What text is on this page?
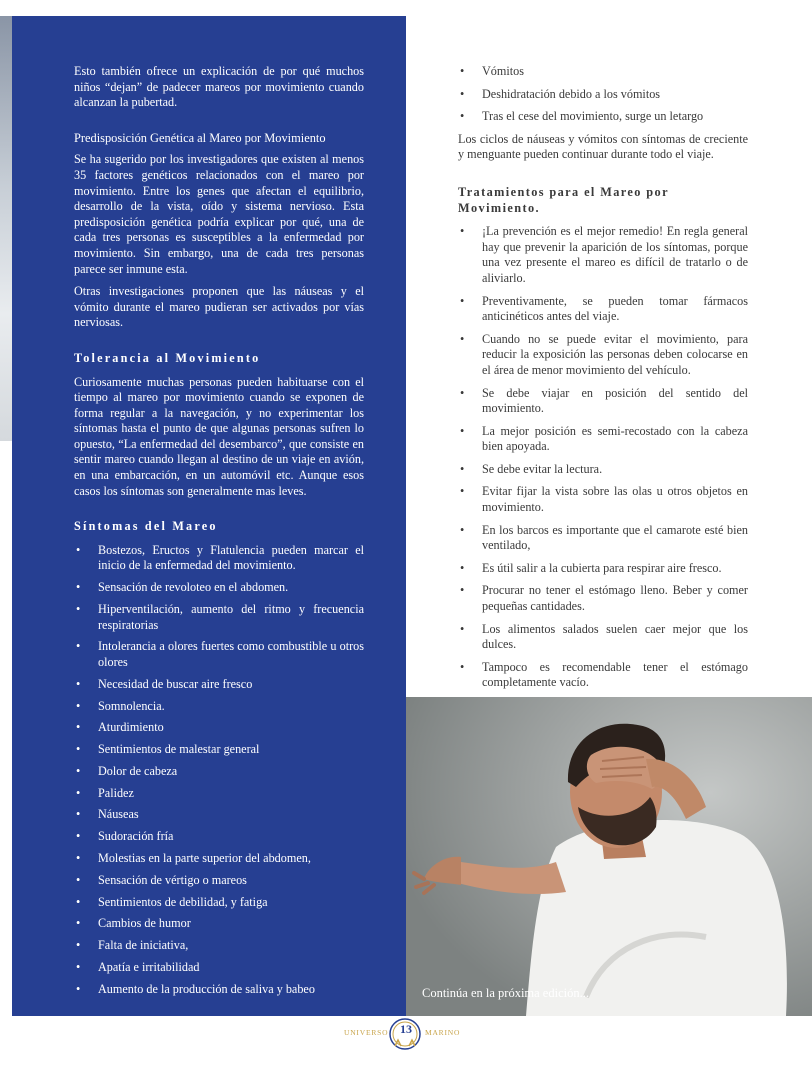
Esto también ofrece un explicación de por qué muchos niños “dejan” de padecer mareos por movimiento cuando alcanzan la pubertad.

Predisposición Genética al Mareo por Movimiento

Se ha sugerido por los investigadores que existen al menos 35 factores genéticos relacionados con el mareo por movimiento. Entre los genes que afectan el equilibrio, desarrollo de la vista, oído y sistema nervioso. Esta predisposición genética podría explicar por qué, una de cada tres personas es susceptibles a la enfermedad por movimiento. Sin embargo, una de cada tres personas parece ser inmune esta.

Otras investigaciones proponen que las náuseas y el vómito durante el mareo pudieran ser activados por vías nerviosas.

Tolerancia al Movimiento

Curiosamente muchas personas pueden habituarse con el tiempo al mareo por movimiento cuando se exponen de forma regular a la navegación, y no experimentar los síntomas hasta el punto de que algunas personas sufren lo opuesto, “La enfermedad del desembarco”, que consiste en sentir mareo cuando llegan al destino de un viaje en avión, en una embarcación, en un automóvil etc. Aunque esos casos los síntomas son generalmente mas leves.

Síntomas del Mareo
• Bostezos, Eructos y Flatulencia pueden marcar el inicio de la enfermedad del movimiento.
• Sensación de revoloteo en el abdomen.
• Hiperventilación, aumento del ritmo y frecuencia respiratorias
• Intolerancia a olores fuertes como combustible u otros olores
• Necesidad de buscar aire fresco
• Somnolencia.
• Aturdimiento
• Sentimientos de malestar general
• Dolor de cabeza
• Palidez
• Náuseas
• Sudoración fría
• Molestias en la parte superior del abdomen,
• Sensación de vértigo o mareos
• Sentimientos de debilidad, y fatiga
• Cambios de humor
• Falta de iniciativa,
• Apatía e irritabilidad
• Aumento de la producción de saliva y babeo
• Vómitos
• Deshidratación debido a los vómitos
• Tras el cese del movimiento, surge un letargo

Los ciclos de náuseas y vómitos con síntomas de creciente y menguante pueden continuar durante todo el viaje.

Tratamientos para el Mareo por Movimiento.
• ¡La prevención es el mejor remedio! En regla general hay que prevenir la aparición de los síntomas, porque una vez presente el mareo es difícil de tratarlo o de aliviarlo.
• Preventivamente, se pueden tomar fármacos anticinéticos antes del viaje.
• Cuando no se puede evitar el movimiento, para reducir la exposición las personas deben colocarse en el área de menor movimiento del vehículo.
• Se debe viajar en posición del sentido del movimiento.
• La mejor posición es semi-recostado con la cabeza bien apoyada.
• Se debe evitar la lectura.
• Evitar fijar la vista sobre las olas u otros objetos en movimiento.
• En los barcos es importante que el camarote esté bien ventilado,
• Es útil salir a la cubierta para respirar aire fresco.
• Procurar no tener el estómago lleno. Beber y comer pequeñas cantidades.
• Los alimentos salados suelen caer mejor que los dulces.
• Tampoco es recomendable tener el estómago completamente vacío.
Continúa en la próxima edición...
UNIVERSO 13	MARINO
